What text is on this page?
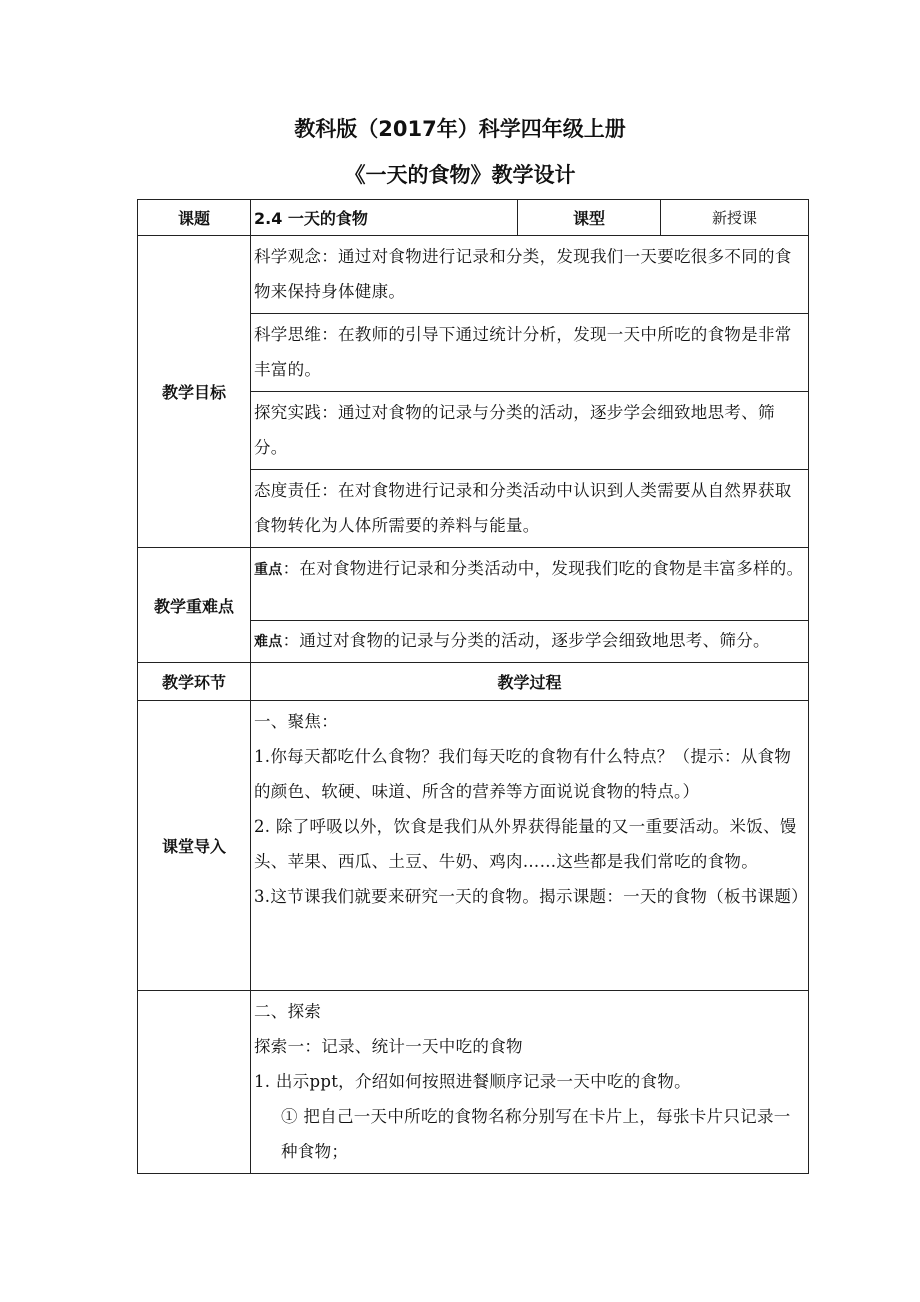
教科版（2017年）科学四年级上册
《一天的食物》教学设计
课题	2.4 一天的食物	课型	新授课
教学目标	科学观念：通过对食物进行记录和分类，发现我们一天要吃很多不同的食物来保持身体健康。		

	科学思维：在教师的引导下通过统计分析，发现一天中所吃的食物是非常丰富的。		

	探究实践：通过对食物的记录与分类的活动，逐步学会细致地思考、筛分。		

	态度责任：在对食物进行记录和分类活动中认识到人类需要从自然界获取食物转化为人体所需要的养料与能量。		

教学重难点	重点：在对食物进行记录和分类活动中，发现我们吃的食物是丰富多样的。		

	难点：通过对食物的记录与分类的活动，逐步学会细致地思考、筛分。		

教学环节	教学过程		
课堂导入	一、聚焦：

1.你每天都吃什么食物？我们每天吃的食物有什么特点？（提示：从食物的颜色、软硬、味道、所含的营养等方面说说食物的特点。）

2. 除了呼吸以外，饮食是我们从外界获得能量的又一重要活动。米饭、馒头、苹果、西瓜、土豆、牛奶、鸡肉……这些都是我们常吃的食物。

3.这节课我们就要来研究一天的食物。揭示课题：一天的食物（板书课题）		

	二、探索

探索一：记录、统计一天中吃的食物

1. 出示ppt，介绍如何按照进餐顺序记录一天中吃的食物。

① 把自己一天中所吃的食物名称分别写在卡片上，每张卡片只记录一种食物；		
